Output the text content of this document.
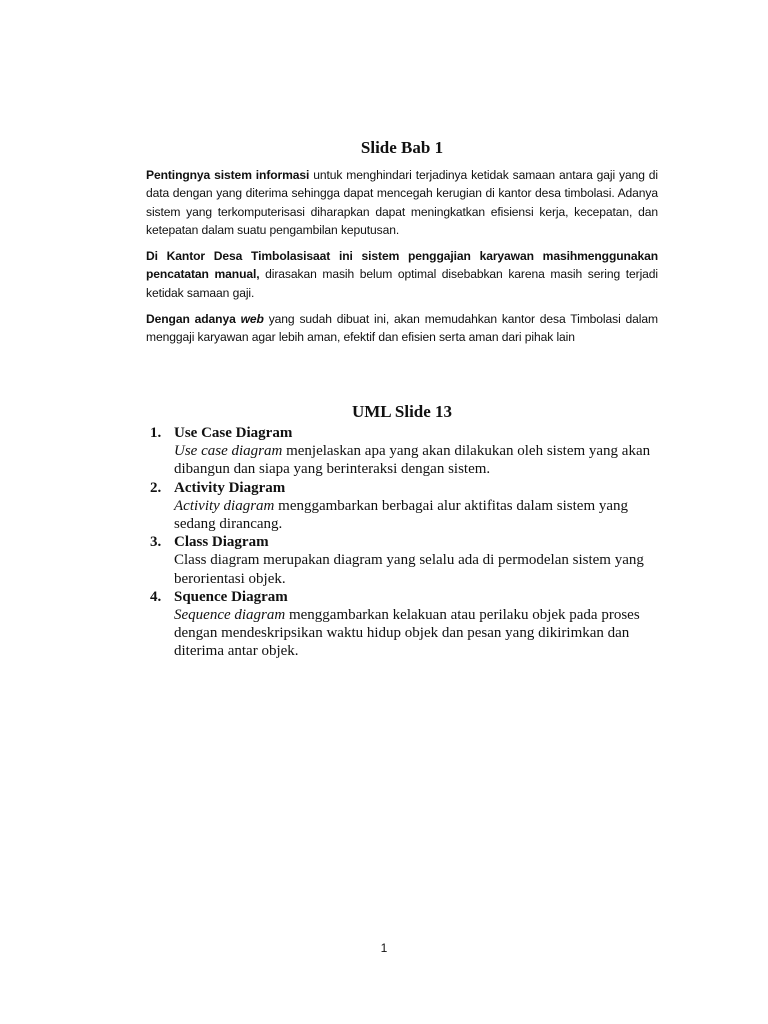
Slide Bab 1

Pentingnya sistem informasi untuk menghindari terjadinya ketidak samaan antara gaji yang di data dengan yang diterima sehingga dapat mencegah kerugian di kantor desa timbolasi. Adanya sistem yang terkomputerisasi diharapkan dapat meningkatkan efisiensi kerja, kecepatan, dan ketepatan dalam suatu pengambilan keputusan.

Di Kantor Desa Timbolasisaat ini sistem penggajian karyawan masihmenggunakan pencatatan manual, dirasakan masih belum optimal disebabkan karena masih sering terjadi ketidak samaan gaji.

Dengan adanya web yang sudah dibuat ini, akan memudahkan kantor desa Timbolasi dalam menggaji karyawan agar lebih aman, efektif dan efisien serta aman dari pihak lain

UML Slide 13
1. Use Case Diagram
Use case diagram menjelaskan apa yang akan dilakukan oleh sistem yang akan dibangun dan siapa yang berinteraksi dengan sistem.
2. Activity Diagram
Activity diagram menggambarkan berbagai alur aktifitas dalam sistem yang sedang dirancang.
3. Class Diagram
Class diagram merupakan diagram yang selalu ada di permodelan sistem yang berorientasi objek.
4. Squence Diagram
Sequence diagram menggambarkan kelakuan atau perilaku objek pada proses dengan mendeskripsikan waktu hidup objek dan pesan yang dikirimkan dan diterima antar objek.
1
